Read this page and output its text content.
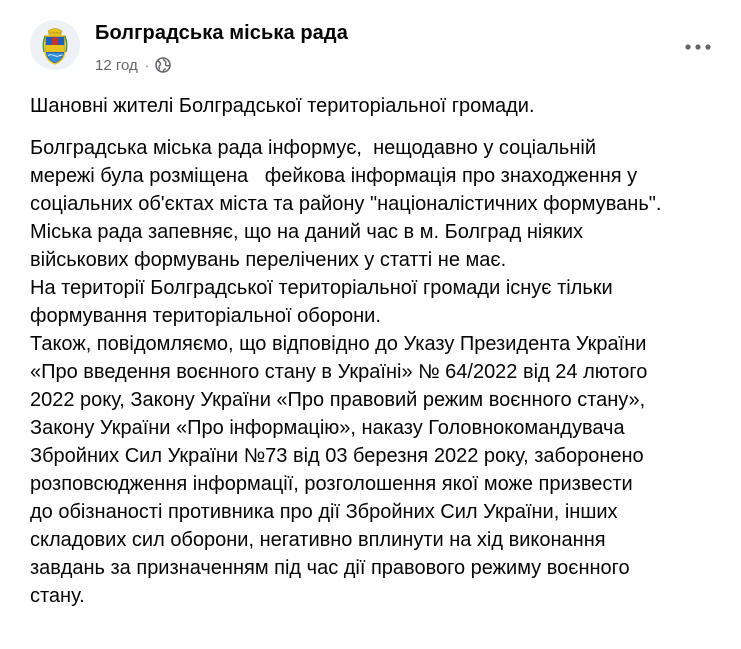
Болградська міська рада
12 год ·

Шановні жителі Болградської територіальної громади.

Болградська міська рада інформує,  нещодавно у соціальній
мережі була розміщена   фейкова інформація про знаходження у
соціальних об'єктах міста та району "націоналістичних формувань".
Міська рада запевняє, що на даний час в м. Болград ніяких
військових формувань перелічених у статті не має.
На території Болградської територіальної громади існує тільки
формування територіальної оборони.
Також, повідомляємо, що відповідно до Указу Президента України
«Про введення воєнного стану в Україні» № 64/2022 від 24 лютого
2022 року, Закону України «Про правовий режим воєнного стану»,
Закону України «Про інформацію», наказу Головнокомандувача
Збройних Сил України №73 від 03 березня 2022 року, заборонено
розповсюдження інформації, розголошення якої може призвести
до обізнаності противника про дії Збройних Сил України, інших
складових сил оборони, негативно вплинути на хід виконання
завдань за призначенням під час дії правового режиму воєнного
стану.
